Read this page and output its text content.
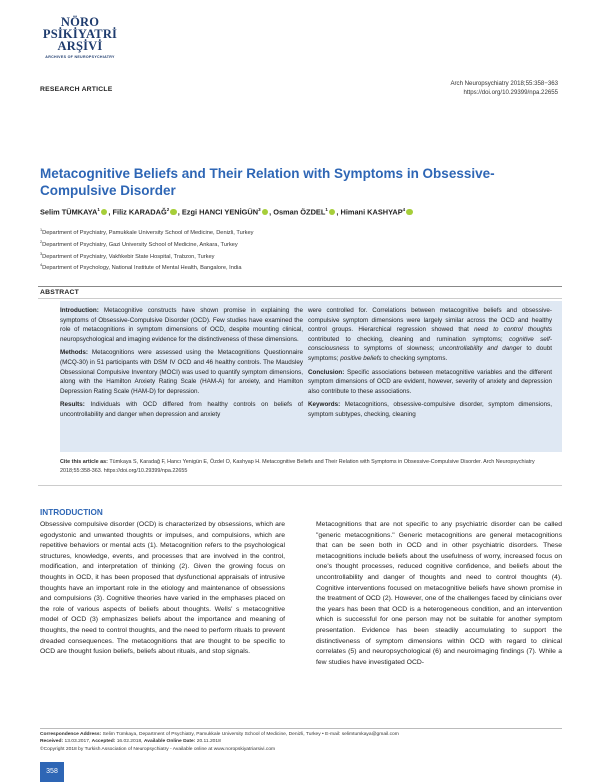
NÖRO
PSİKİYATRİ
ARŞİVİ
ARCHIVES OF NEUROPSYCHIATRY
RESEARCH ARTICLE
Arch Neuropsychiatry 2018;55:358−363
https://doi.org/10.29399/npa.22655
Metacognitive Beliefs and Their Relation with Symptoms in Obsessive-Compulsive Disorder
Selim TÜMKAYA$^1$ , Filiz KARADAĞ$^2$ , Ezgi HANCI YENİGÜN$^3$ , Osman ÖZDEL$^1$ , Himani KASHYAP$^4$
$^1$Department of Psychiatry, Pamukkale University School of Medicine, Denizli, Turkey
$^2$Department of Psychiatry, Gazi University School of Medicine, Ankara, Turkey
$^3$Department of Psychiatry, Vakfıkebir State Hospital, Trabzon, Turkey
$^4$Department of Psychology, National Institute of Mental Health, Bangalore, India
ABSTRACT

Introduction: Metacognitive constructs have shown promise in explaining the symptoms of Obsessive-Compulsive Disorder (OCD). Few studies have examined the role of metacognitions in symptom dimensions of OCD, despite mounting clinical, neuropsychological and imaging evidence for the distinctiveness of these dimensions.

Methods: Metacognitions were assessed using the Metacognitions Questionnaire (MCQ-30) in 51 participants with DSM IV OCD and 46 healthy controls. The Maudsley Obsessional Compulsive Inventory (MOCI) was used to quantify symptom dimensions, along with the Hamilton Anxiety Rating Scale (HAM-A) for anxiety, and Hamilton Depression Rating Scale (HAM-D) for depression.

Results: Individuals with OCD differed from healthy controls on beliefs of uncontrollability and danger when depression and anxiety

were controlled for. Correlations between metacognitive beliefs and obsessive-compulsive symptom dimensions were largely similar across the OCD and healthy control groups. Hierarchical regression showed that need to control thoughts contributed to checking, cleaning and rumination symptoms; cognitive self-consciousness to symptoms of slowness; uncontrollability and danger to doubt symptoms; positive beliefs to checking symptoms.

Conclusion: Specific associations between metacognitive variables and the different symptom dimensions of OCD are evident, however, severity of anxiety and depression also contribute to these associations.

Keywords: Metacognitions, obsessive-compulsive disorder, symptom dimensions, symptom subtypes, checking, cleaning

Cite this article as: Tümkaya S, Karadağ F, Hancı Yenigün E, Özdel O, Kashyap H. Metacognitive Beliefs and Their Relation with Symptoms in Obsessive-Compulsive Disorder. Arch Neuropsychiatry 2018;55:358-363. https://doi.org/10.29399/npa.22655
INTRODUCTION
Obsessive compulsive disorder (OCD) is characterized by obsessions, which are egodystonic and unwanted thoughts or impulses, and compulsions, which are repetitive behaviors or mental acts (1). Metacognition refers to the psychological structures, knowledge, events, and processes that are involved in the control, modification, and interpretation of thinking (2). Given the growing focus on thoughts in OCD, it has been proposed that dysfunctional appraisals of intrusive thoughts have an important role in the etiology and maintenance of obsessions and compulsions (3). Cognitive theories have varied in the emphases placed on the role of various aspects of beliefs about thoughts. Wells' s metacognitive model of OCD (3) emphasizes beliefs about the importance and meaning of thoughts, the need to control thoughts, and the need to perform rituals to prevent dreaded consequences. The metacognitions that are thought to be specific to OCD are thought fusion beliefs, beliefs about rituals, and stop signals.
Metacognitions that are not specific to any psychiatric disorder can be called "generic metacognitions." Generic metacognitions are general metacognitions that can be seen both in OCD and in other psychiatric disorders. These metacognitions include beliefs about the usefulness of worry, increased focus on one's thought processes, reduced cognitive confidence, and beliefs about the uncontrollability and danger of thoughts and need to control thoughts (4). Cognitive interventions focused on metacognitive beliefs have shown promise in the treatment of OCD (2). However, one of the challenges faced by clinicians over the years has been that OCD is a heterogeneous condition, and an intervention which is successful for one person may not be suitable for another symptom presentation. Evidence has been steadily accumulating to support the distinctiveness of symptom dimensions within OCD with regard to clinical correlates (5) and neuropsychological (6) and neuroimaging findings (7). While a few studies have investigated OCD-
Correspondence Address: Selim Tümkaya, Department of Psychiatry, Pamukkale University School of Medicine, Denizli, Turkey • E-mail: selimtumkaya@gmail.com
Received: 13.03.2017, Accepted: 16.02.2018, Available Online Date: 20.11.2018
©Copyright 2018 by Turkish Association of Neuropsychiatry - Available online at www.noropskiyatriarsivi.com
358
